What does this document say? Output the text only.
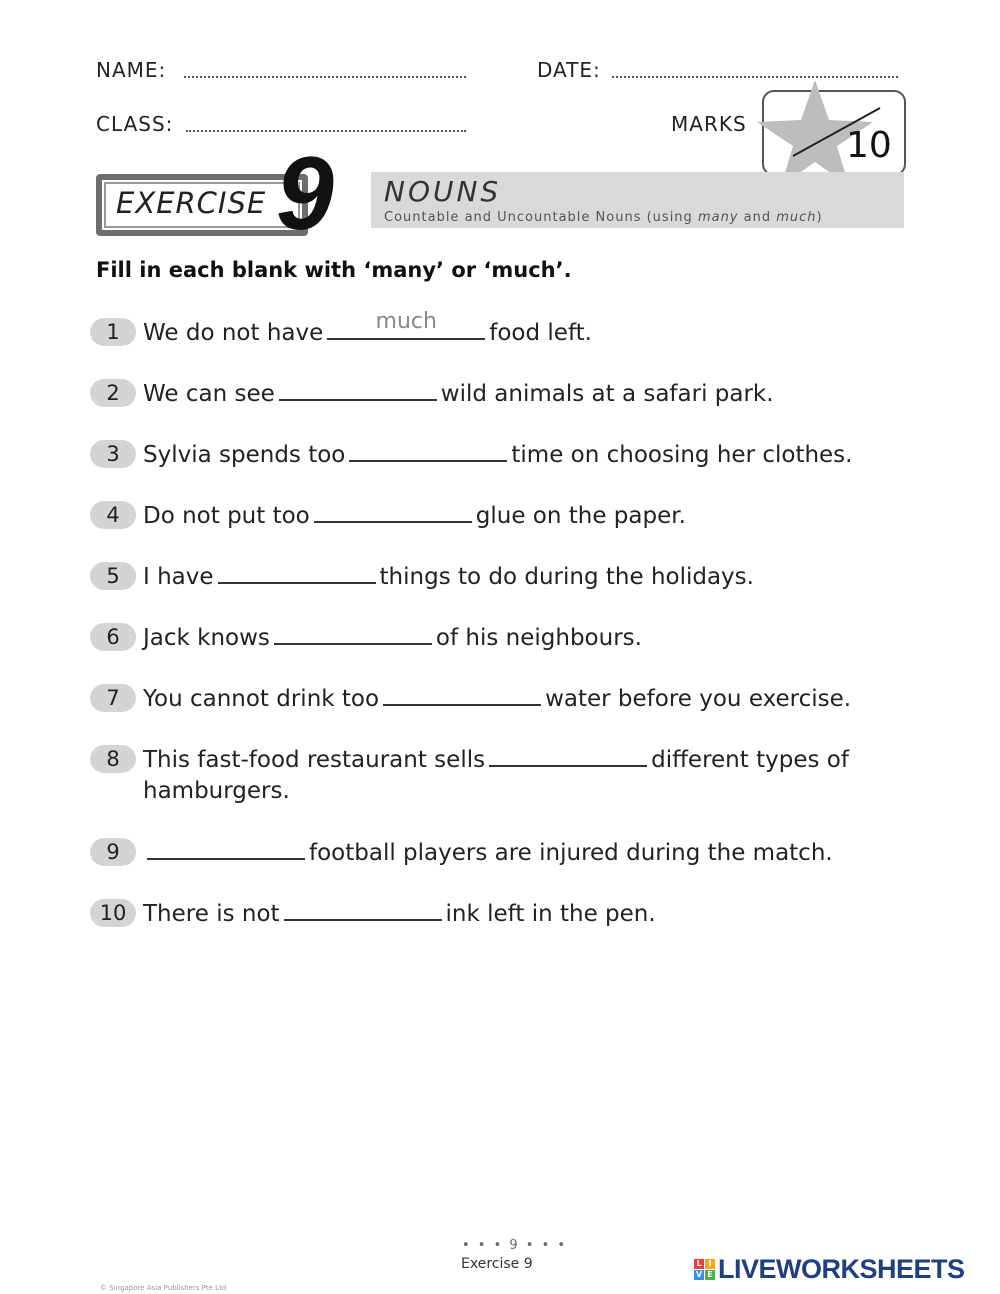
NAME:	DATE:
CLASS:	MARKS
10
EXERCISE 9 NOUNS
Countable and Uncountable Nouns (using many and much)
Fill in each blank with ‘many’ or ‘much’.
1	We do not have	much	food left.
2	We can see	wild animals at a safari park.
3	Sylvia spends too	time on choosing her clothes.
4	Do not put too	glue on the paper.
5	I have	things to do during the holidays.
6	Jack knows	of his neighbours.
7	You cannot drink too	water before you exercise.
8	This fast-food restaurant sells	different types of hamburgers.
9	football players are injured during the match.
10 There is not	ink left in the pen.
• • • 9 • • •
Exercise 9	L I
V E LIVEWORKSHEETS
© Singapore Asia Publishers Pte Ltd
